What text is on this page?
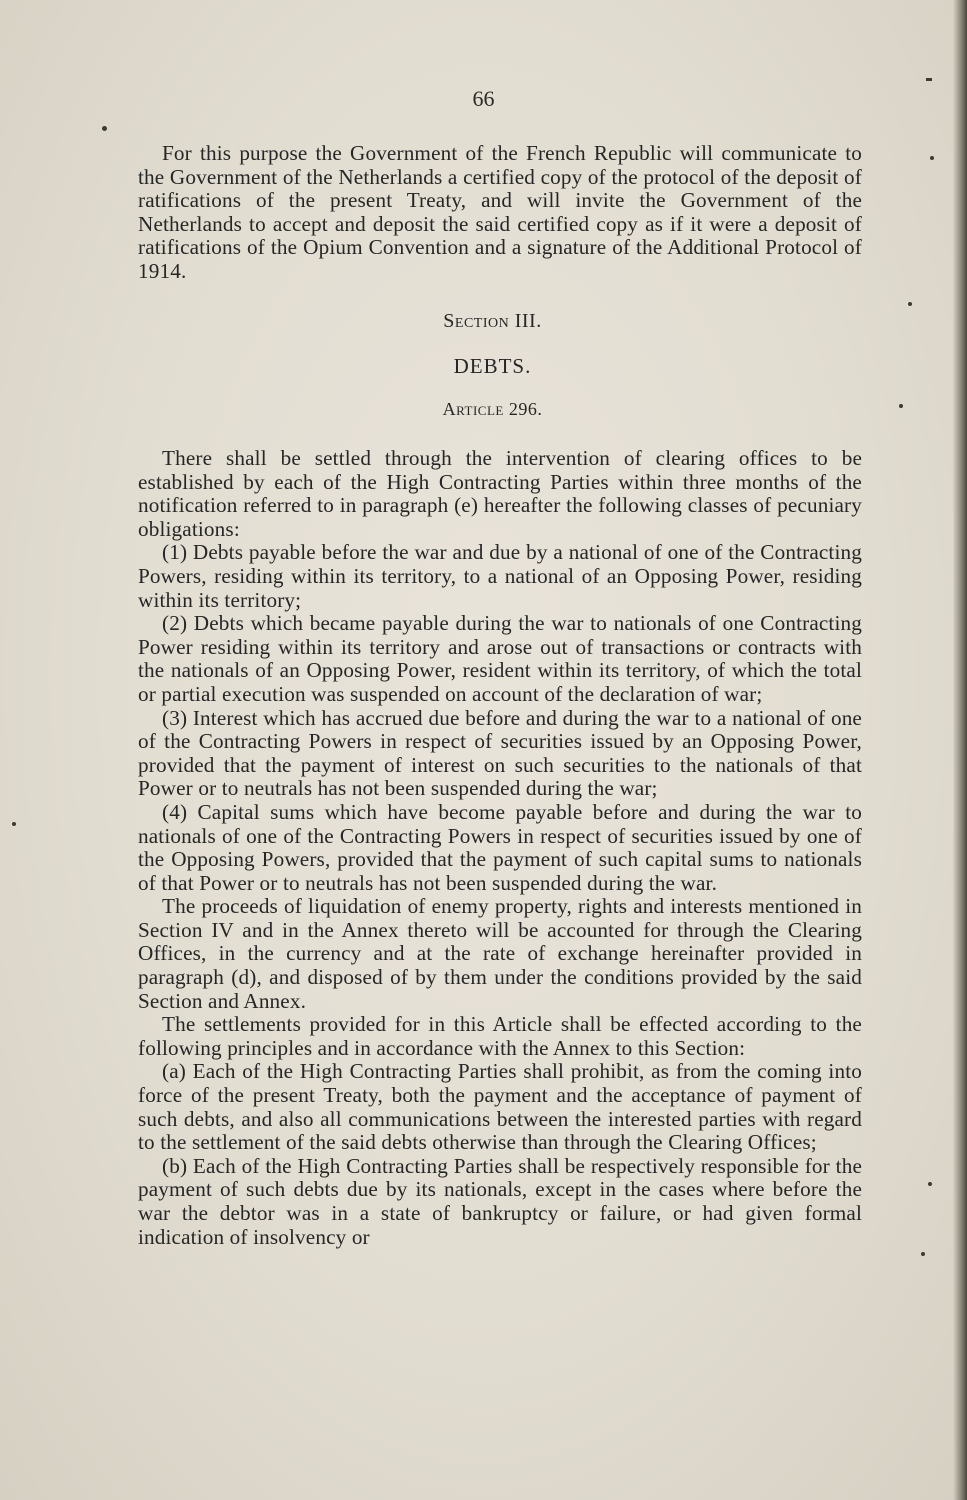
66

For this purpose the Government of the French Republic will communicate to the Government of the Netherlands a certified copy of the protocol of the deposit of ratifications of the present Treaty, and will invite the Government of the Netherlands to accept and deposit the said certified copy as if it were a deposit of ratifications of the Opium Convention and a signature of the Additional Protocol of 1914.

Section III.
DEBTS.
Article 296.

There shall be settled through the intervention of clearing offices to be established by each of the High Contracting Parties within three months of the notification referred to in paragraph (e) hereafter the following classes of pecuniary obligations:

(1) Debts payable before the war and due by a national of one of the Contracting Powers, residing within its territory, to a national of an Opposing Power, residing within its territory;

(2) Debts which became payable during the war to nationals of one Contracting Power residing within its territory and arose out of transactions or contracts with the nationals of an Opposing Power, resident within its territory, of which the total or partial execution was suspended on account of the declaration of war;

(3) Interest which has accrued due before and during the war to a national of one of the Contracting Powers in respect of securities issued by an Opposing Power, provided that the payment of interest on such securities to the nationals of that Power or to neutrals has not been suspended during the war;

(4) Capital sums which have become payable before and during the war to nationals of one of the Contracting Powers in respect of securities issued by one of the Opposing Powers, provided that the payment of such capital sums to nationals of that Power or to neutrals has not been suspended during the war.

The proceeds of liquidation of enemy property, rights and interests mentioned in Section IV and in the Annex thereto will be accounted for through the Clearing Offices, in the currency and at the rate of exchange hereinafter provided in paragraph (d), and disposed of by them under the conditions provided by the said Section and Annex.

The settlements provided for in this Article shall be effected according to the following principles and in accordance with the Annex to this Section:

(a) Each of the High Contracting Parties shall prohibit, as from the coming into force of the present Treaty, both the payment and the acceptance of payment of such debts, and also all communications between the interested parties with regard to the settlement of the said debts otherwise than through the Clearing Offices;

(b) Each of the High Contracting Parties shall be respectively responsible for the payment of such debts due by its nationals, except in the cases where before the war the debtor was in a state of bankruptcy or failure, or had given formal indication of insolvency or
